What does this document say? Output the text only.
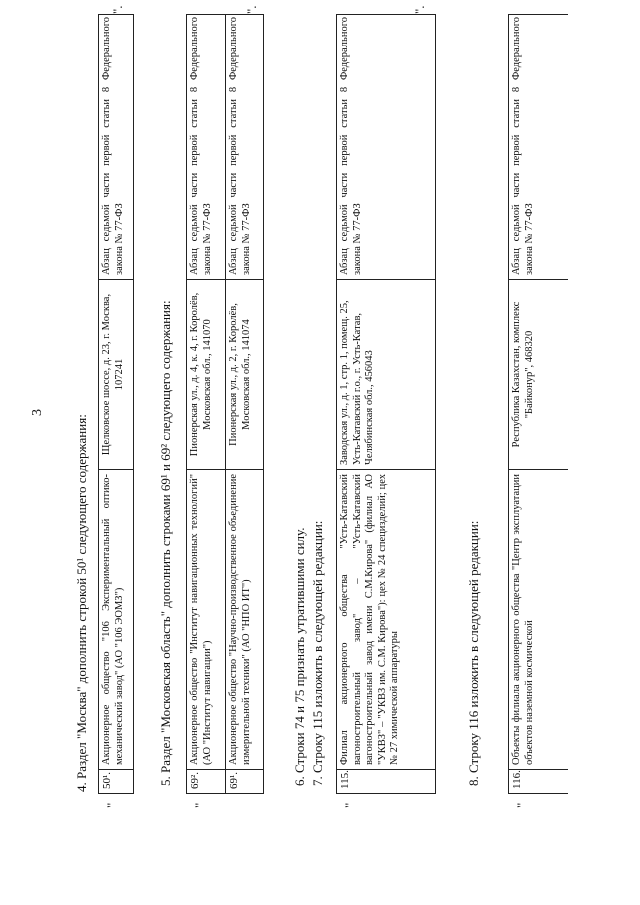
3
4. Раздел "Москва" дополнить строкой 50¹ следующего содержания:
"
50¹.
Акционерное общество "106 Экспериментальный оптико-механический завод" (АО "106 ЭОМЗ")
Щелковское шоссе, д. 23, г. Москва, 107241
Абзац седьмой части первой статьи 8 Федерального закона № 77-ФЗ
".
5. Раздел "Московская область" дополнить строками 69¹ и 69² следующего содержания:
"
69².
Акционерное общество "Институт навигационных технологий" (АО "Институт навигации")
Пионерская ул., д. 4, к. 4, г. Королёв, Московская обл., 141070
Абзац седьмой части первой статьи 8 Федерального закона № 77-ФЗ
69¹.
Акционерное общество "Научно-производственное объединение измерительной техники" (АО "НПО ИТ")
Пионерская ул., д. 2, г. Королёв, Московская обл., 141074
Абзац седьмой части первой статьи 8 Федерального закона № 77-ФЗ
".
6. Строки 74 и 75 признать утратившими силу. 7. Строку 115 изложить в следующей редакции:
"
115.
Филиал акционерного общества "Усть-Катавский вагоностроительный завод" – "Усть-Катавский вагоностроительный завод имени С.М.Кирова" (филиал АО "УКВЗ" – "УКВЗ им. С.М. Кирова"): цех № 24 специзделий; цех № 27 химической аппаратуры
Заводская ул., д. 1, стр. 1, помещ. 25, Усть-Катавский г.о., г. Усть-Катав, Челябинская обл., 456043
Абзац седьмой части первой статьи 8 Федерального закона № 77-ФЗ
".
8. Строку 116 изложить в следующей редакции:
"
116.
Объекты филиала акционерного общества "Центр эксплуатации объектов наземной космической
Республика Казахстан, комплекс "Байконур", 468320
Абзац седьмой части первой статьи 8 Федерального закона № 77-ФЗ
